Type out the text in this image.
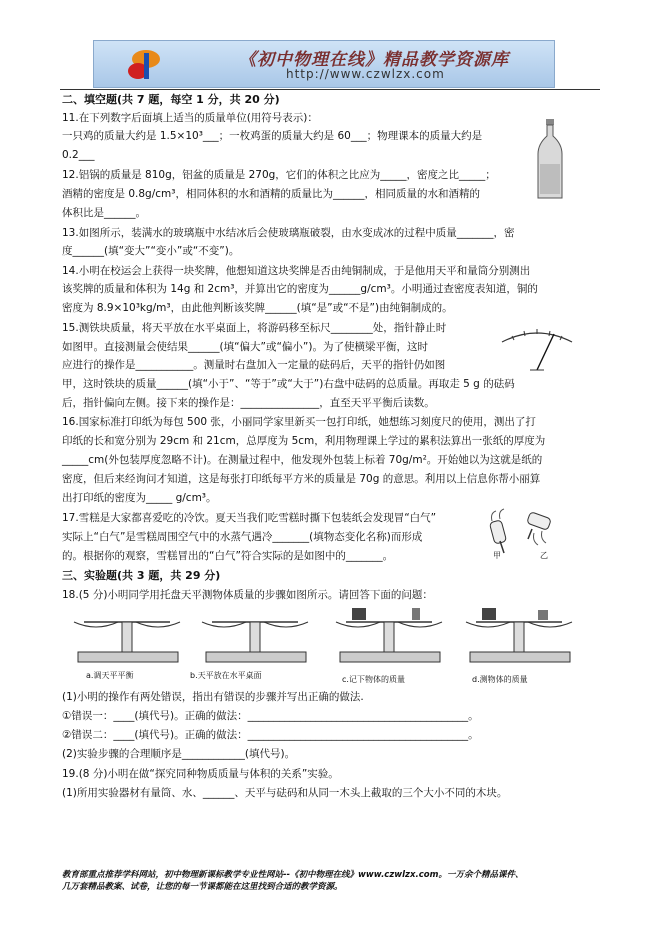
《初中物理在线》精品教学资源库
http://www.czwlzx.com
二、填空题(共 7 题，每空 1 分，共 20 分)
11.在下列数字后面填上适当的质量单位(用符号表示)：
一只鸡的质量大约是 1.5×10³___；一枚鸡蛋的质量大约是 60___；物理课本的质量大约是
0.2___
12.铝锅的质量是 810g，铝盆的质量是 270g，它们的体积之比应为_____，密度之比_____；
酒精的密度是 0.8g/cm³，相同体积的水和酒精的质量比为______，相同质量的水和酒精的
体积比是______。
13.如图所示，装满水的玻璃瓶中水结冰后会使玻璃瓶破裂，由水变成冰的过程中质量_______，密
度______(填“变大”“变小”或“不变”)。
14.小明在校运会上获得一块奖牌，他想知道这块奖牌是否由纯铜制成，于是他用天平和量筒分别测出
该奖牌的质量和体积为 14g 和 2cm³，并算出它的密度为______g/cm³。小明通过查密度表知道，铜的
密度为 8.9×10³kg/m³，由此他判断该奖牌______(填“是”或“不是”)由纯铜制成的。
15.测铁块质量，将天平放在水平桌面上，将游码移至标尺________处，指针静止时
如图甲。直接测量会使结果______(填“偏大”或“偏小”)。为了使横梁平衡，这时
应进行的操作是___________。测量时右盘加入一定量的砝码后，天平的指针仍如图
甲，这时铁块的质量______(填“小于”、“等于”或“大于”)右盘中砝码的总质量。再取走 5 g 的砝码
后，指针偏向左侧。接下来的操作是：_______________，直至天平平衡后读数。
16.国家标准打印纸为每包 500 张，小丽同学家里新买一包打印纸，她想练习刻度尺的使用，测出了打
印纸的长和宽分别为 29cm 和 21cm，总厚度为 5cm，利用物理课上学过的累积法算出一张纸的厚度为
_____cm(外包装厚度忽略不计)。在测量过程中，他发现外包装上标着 70g/m²。开始她以为这就是纸的
密度，但后来经询问才知道，这是每张打印纸每平方米的质量是 70g 的意思。利用以上信息你帮小丽算
出打印纸的密度为_____ g/cm³。
17.雪糕是大家都喜爱吃的冷饮。夏天当我们吃雪糕时撕下包装纸会发现冒“白气”
实际上“白气”是雪糕周围空气中的水蒸气遇冷_______(填物态变化名称)而形成
的。根据你的观察，雪糕冒出的“白气”符合实际的是如图中的_______。
三、实验题(共 3 题，共 29 分)
18.(5 分)小明同学用托盘天平测物体质量的步骤如图所示。请回答下面的问题：
(1)小明的操作有两处错误，指出有错误的步骤并写出正确的做法.
①错误一：____(填代号)。正确的做法：__________________________________________。
②错误二：____(填代号)。正确的做法：__________________________________________。
(2)实验步骤的合理顺序是____________(填代号)。
19.(8 分)小明在做“探究同种物质质量与体积的关系”实验。
(1)所用实验器材有量筒、水、______、天平与砝码和从同一木头上截取的三个大小不同的木块。
甲	乙
a.调天平平衡	b.天平放在水平桌面	c.记下物体的质量	d.测物体的质量
教育部重点推荐学科网站，初中物理新课标教学专业性网站--《初中物理在线》www.czwlzx.com。一万余个精品课件、
几万套精品教案、试卷，让您的每一节课都能在这里找到合适的教学资源。
